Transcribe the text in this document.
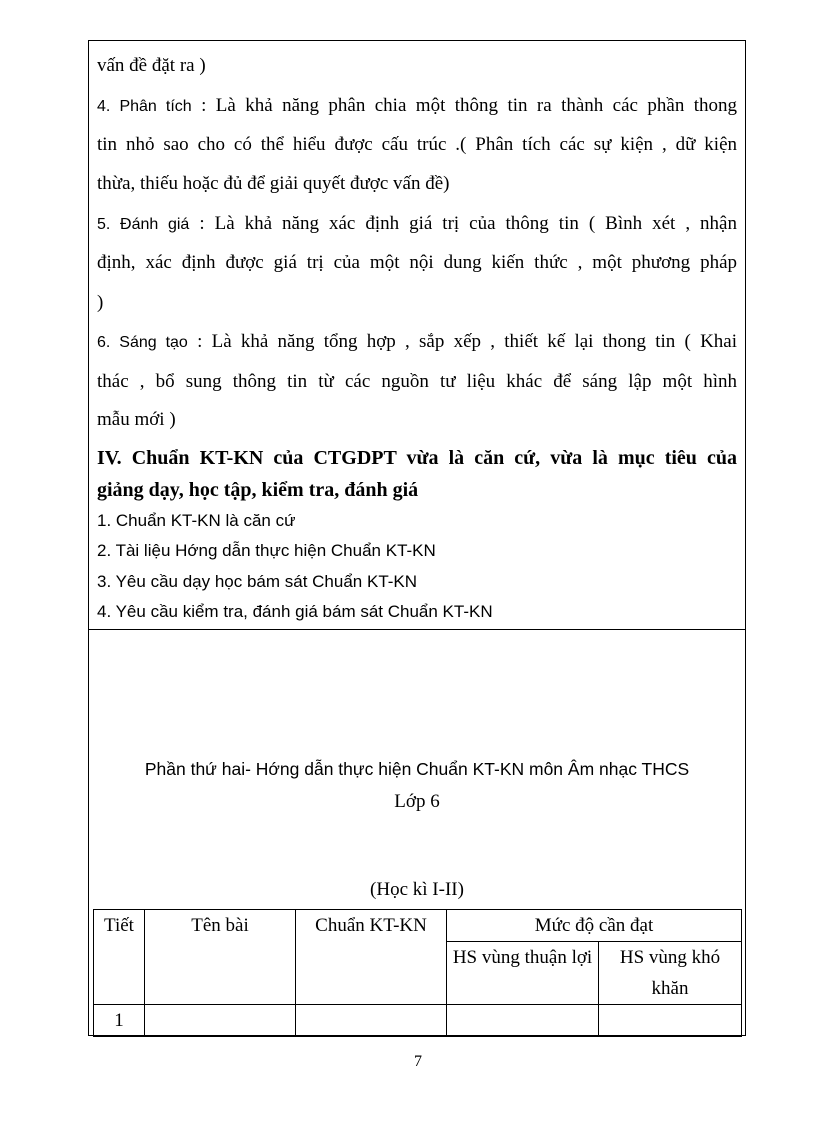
vấn đề đặt ra )
4. Phân tích : Là khả năng phân chia một thông tin ra thành các phần thong
tin nhỏ sao cho có thể hiểu được cấu trúc .( Phân tích các sự kiện , dữ kiện
thừa, thiếu hoặc đủ để giải quyết được vấn đề)
5. Đánh giá : Là khả năng xác định giá trị của thông tin ( Bình xét , nhận
định, xác định được giá trị của một nội dung kiến thức , một phương pháp
)
6. Sáng tạo : Là khả năng tổng hợp , sắp xếp , thiết kế lại thong tin ( Khai
thác , bổ sung thông tin từ các nguồn tư liệu khác để sáng lập một hình
mẫu mới )
IV. Chuẩn KT-KN của CTGDPT vừa là căn cứ, vừa là mục tiêu của
giảng dạy, học tập, kiểm tra, đánh giá
1. Chuẩn KT-KN là căn cứ
2. Tài liệu Hớng dẫn thực hiện Chuẩn KT-KN
3. Yêu cầu dạy học bám sát Chuẩn KT-KN
4. Yêu cầu kiểm tra, đánh giá bám sát Chuẩn KT-KN
Phần thứ hai- Hớng dẫn thực hiện Chuẩn KT-KN môn Âm nhạc THCS
Lớp 6
(Học kì I-II)
Tiết	Tên bài	Chuẩn KT-KN	Mức độ cần đạt	
			HS vùng thuận lợi	HS vùng khó khăn
1				
7
